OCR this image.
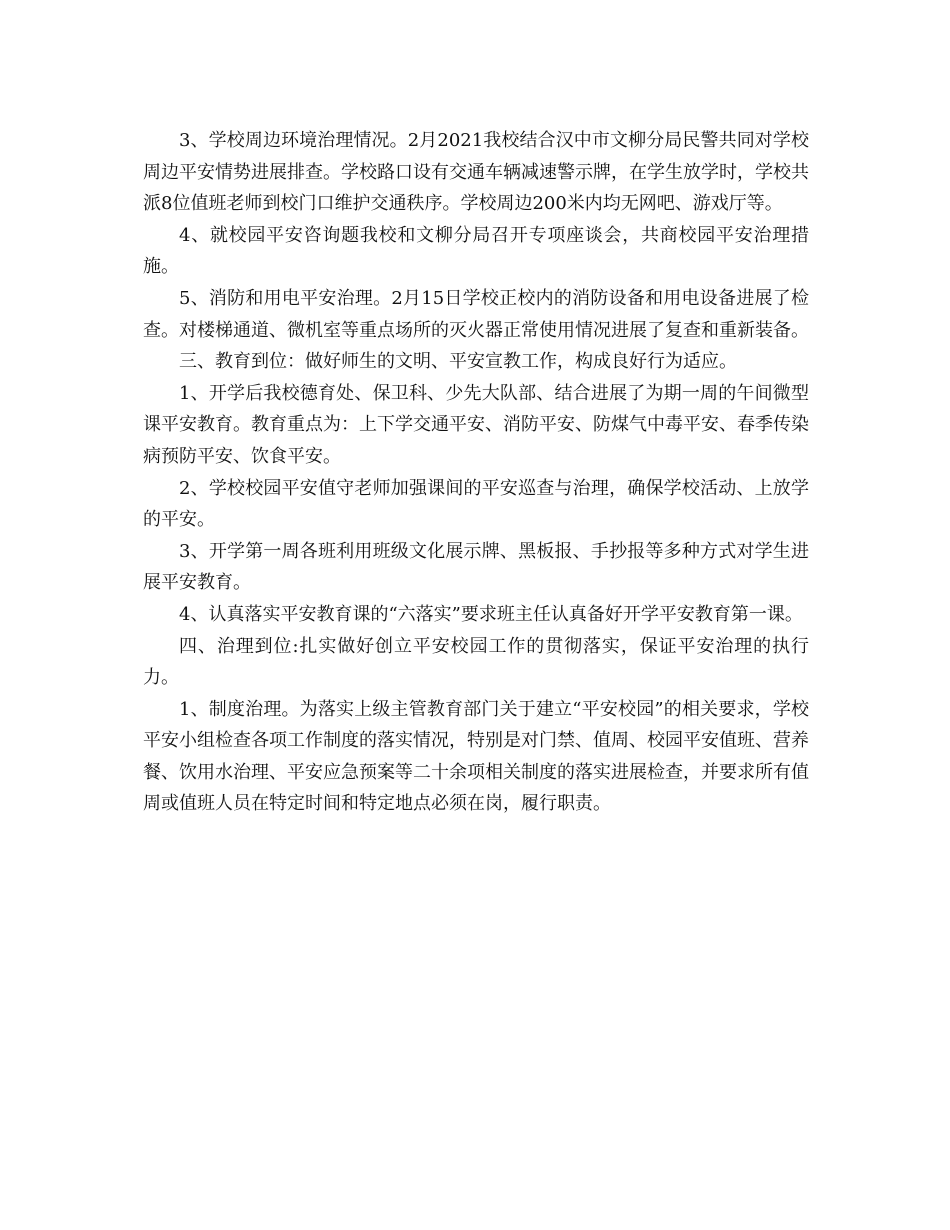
3、学校周边环境治理情况。2月2021我校结合汉中市文柳分局民警共同对学校周边平安情势进展排查。学校路口设有交通车辆减速警示牌，在学生放学时，学校共派8位值班老师到校门口维护交通秩序。学校周边200米内均无网吧、游戏厅等。

4、就校园平安咨询题我校和文柳分局召开专项座谈会，共商校园平安治理措施。

5、消防和用电平安治理。2月15日学校正校内的消防设备和用电设备进展了检查。对楼梯通道、微机室等重点场所的灭火器正常使用情况进展了复查和重新装备。

三、教育到位：做好师生的文明、平安宣教工作，构成良好行为适应。

1、开学后我校德育处、保卫科、少先大队部、结合进展了为期一周的午间微型课平安教育。教育重点为：上下学交通平安、消防平安、防煤气中毒平安、春季传染病预防平安、饮食平安。

2、学校校园平安值守老师加强课间的平安巡查与治理，确保学校活动、上放学的平安。

3、开学第一周各班利用班级文化展示牌、黑板报、手抄报等多种方式对学生进展平安教育。

4、认真落实平安教育课的“六落实”要求班主任认真备好开学平安教育第一课。

四、治理到位:扎实做好创立平安校园工作的贯彻落实，保证平安治理的执行力。

1、制度治理。为落实上级主管教育部门关于建立“平安校园”的相关要求，学校平安小组检查各项工作制度的落实情况，特别是对门禁、值周、校园平安值班、营养餐、饮用水治理、平安应急预案等二十余项相关制度的落实进展检查，并要求所有值周或值班人员在特定时间和特定地点必须在岗，履行职责。
